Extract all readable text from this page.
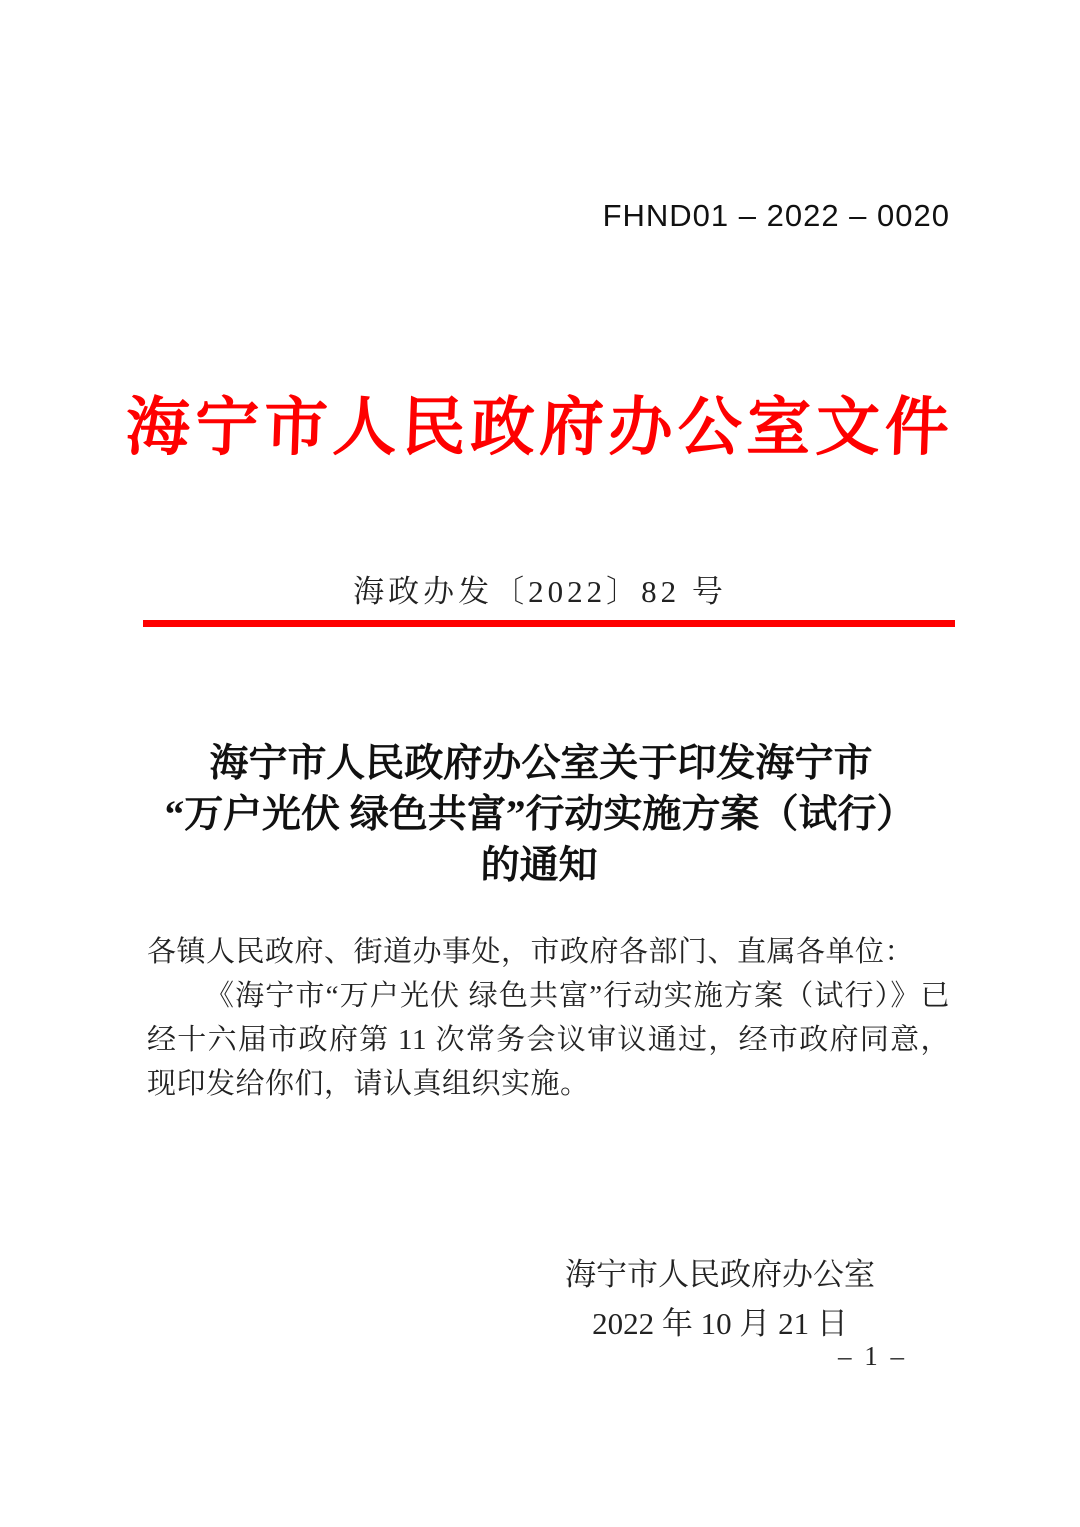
FHND01 – 2022 – 0020
海宁市人民政府办公室文件
海政办发〔2022〕82 号
海宁市人民政府办公室关于印发海宁市
“万户光伏 绿色共富”行动实施方案（试行）
的通知

各镇人民政府、街道办事处，市政府各部门、直属各单位：

《海宁市“万户光伏 绿色共富”行动实施方案（试行）》已经十六届市政府第 11 次常务会议审议通过，经市政府同意，现印发给你们，请认真组织实施。

海宁市人民政府办公室
2022 年 10 月 21 日
– 1 –
